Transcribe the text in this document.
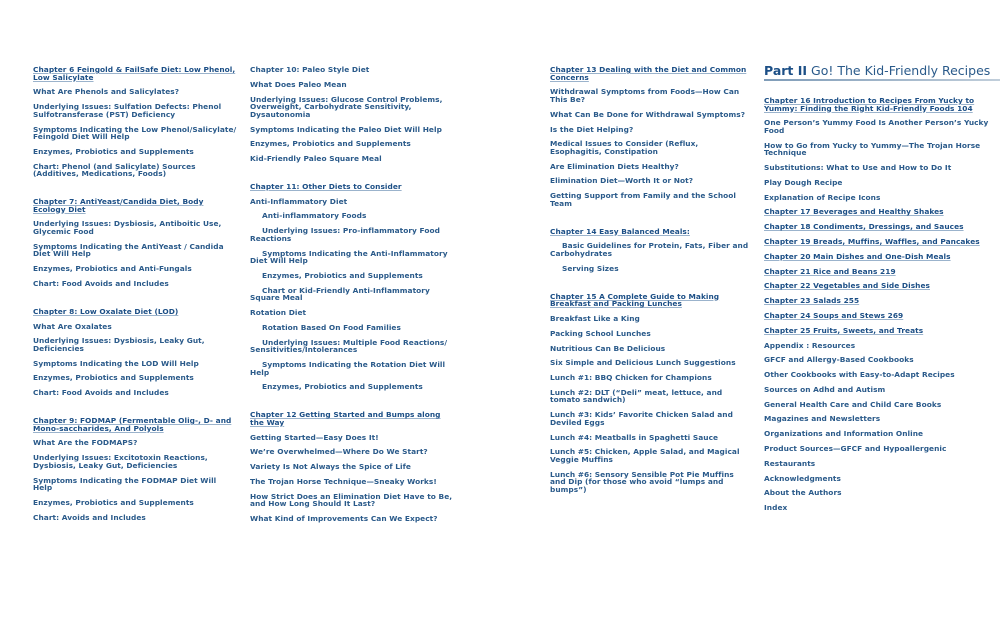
Chapter 6 Feingold & FailSafe Diet: Low Phenol, Low Salicylate
What Are Phenols and Salicylates?
Underlying Issues: Sulfation Defects: Phenol Sulfotransferase (PST) Deficiency
Symptoms Indicating the Low Phenol/Salicylate/ Feingold Diet Will Help
Enzymes, Probiotics and Supplements
Chart: Phenol (and Salicylate) Sources (Additives, Medications, Foods)
Chapter 7: AntiYeast/Candida Diet, Body Ecology Diet
Underlying Issues: Dysbiosis, Antiboitic Use, Glycemic Food
Symptoms Indicating the AntiYeast / Candida Diet Will Help
Enzymes, Probiotics and Anti-Fungals
Chart: Food Avoids and Includes
Chapter 8: Low Oxalate Diet (LOD)
What Are Oxalates
Underlying Issues: Dysbiosis, Leaky Gut, Deficiencies
Symptoms Indicating the LOD Will Help
Enzymes, Probiotics and Supplements
Chart: Food Avoids and Includes
Chapter 9: FODMAP (Fermentable Olig-, D- and Mono-saccharides, And Polyols
What Are the FODMAPS?
Underlying Issues: Excitotoxin Reactions, Dysbiosis, Leaky Gut, Deficiencies
Symptoms Indicating the FODMAP Diet Will Help
Enzymes, Probiotics and Supplements
Chart: Avoids and Includes
Chapter 10: Paleo Style Diet
What Does Paleo Mean
Underlying Issues: Glucose Control Problems, Overweight, Carbohydrate Sensitivity, Dysautonomia
Symptoms Indicating the Paleo Diet Will Help
Enzymes, Probiotics and Supplements
Kid-Friendly Paleo Square Meal
Chapter 11: Other Diets to Consider
Anti-Inflammatory Diet
Anti-inflammatory Foods
Underlying Issues: Pro-inflammatory Food Reactions
Symptoms Indicating the Anti-Inflammatory Diet Will Help
Enzymes, Probiotics and Supplements
Chart or Kid-Friendly Anti-Inflammatory Square Meal
Rotation Diet
Rotation Based On Food Families
Underlying Issues: Multiple Food Reactions/ Sensitivities/Intolerances
Symptoms Indicating the Rotation Diet Will Help
Enzymes, Probiotics and Supplements
Chapter 12 Getting Started and Bumps along the Way
Getting Started—Easy Does It!
We’re Overwhelmed—Where Do We Start?
Variety Is Not Always the Spice of Life
The Trojan Horse Technique—Sneaky Works!
How Strict Does an Elimination Diet Have to Be, and How Long Should It Last?
What Kind of Improvements Can We Expect?
Chapter 13 Dealing with the Diet and Common Concerns
Withdrawal Symptoms from Foods—How Can This Be?
What Can Be Done for Withdrawal Symptoms?
Is the Diet Helping?
Medical Issues to Consider (Reflux, Esophagitis, Constipation
Are Elimination Diets Healthy?
Elimination Diet—Worth It or Not?
Getting Support from Family and the School Team
Chapter 14 Easy Balanced Meals:
Basic Guidelines for Protein, Fats, Fiber and Carbohydrates
Serving Sizes
Chapter 15 A Complete Guide to Making Breakfast and Packing Lunches
Breakfast Like a King
Packing School Lunches
Nutritious Can Be Delicious
Six Simple and Delicious Lunch Suggestions
Lunch #1: BBQ Chicken for Champions
Lunch #2: DLT (“Deli” meat, lettuce, and tomato sandwich)
Lunch #3: Kids’ Favorite Chicken Salad and Deviled Eggs
Lunch #4: Meatballs in Spaghetti Sauce
Lunch #5: Chicken, Apple Salad, and Magical Veggie Muffins
Lunch #6: Sensory Sensible Pot Pie Muffins and Dip (for those who avoid “lumps and bumps”)
Part II Go! The Kid-Friendly Recipes
Chapter 16 Introduction to Recipes From Yucky to Yummy: Finding the Right Kid-Friendly Foods 104
One Person’s Yummy Food Is Another Person’s Yucky Food
How to Go from Yucky to Yummy—The Trojan Horse Technique
Substitutions: What to Use and How to Do It
Play Dough Recipe
Explanation of Recipe Icons
Chapter 17 Beverages and Healthy Shakes
Chapter 18 Condiments, Dressings, and Sauces
Chapter 19 Breads, Muffins, Waffles, and Pancakes
Chapter 20 Main Dishes and One-Dish Meals
Chapter 21 Rice and Beans 219
Chapter 22 Vegetables and Side Dishes
Chapter 23 Salads 255
Chapter 24 Soups and Stews 269
Chapter 25 Fruits, Sweets, and Treats
Appendix : Resources
GFCF and Allergy-Based Cookbooks
Other Cookbooks with Easy-to-Adapt Recipes
Sources on Adhd and Autism
General Health Care and Child Care Books
Magazines and Newsletters
Organizations and Information Online
Product Sources—GFCF and Hypoallergenic
Restaurants
Acknowledgments
About the Authors
Index
